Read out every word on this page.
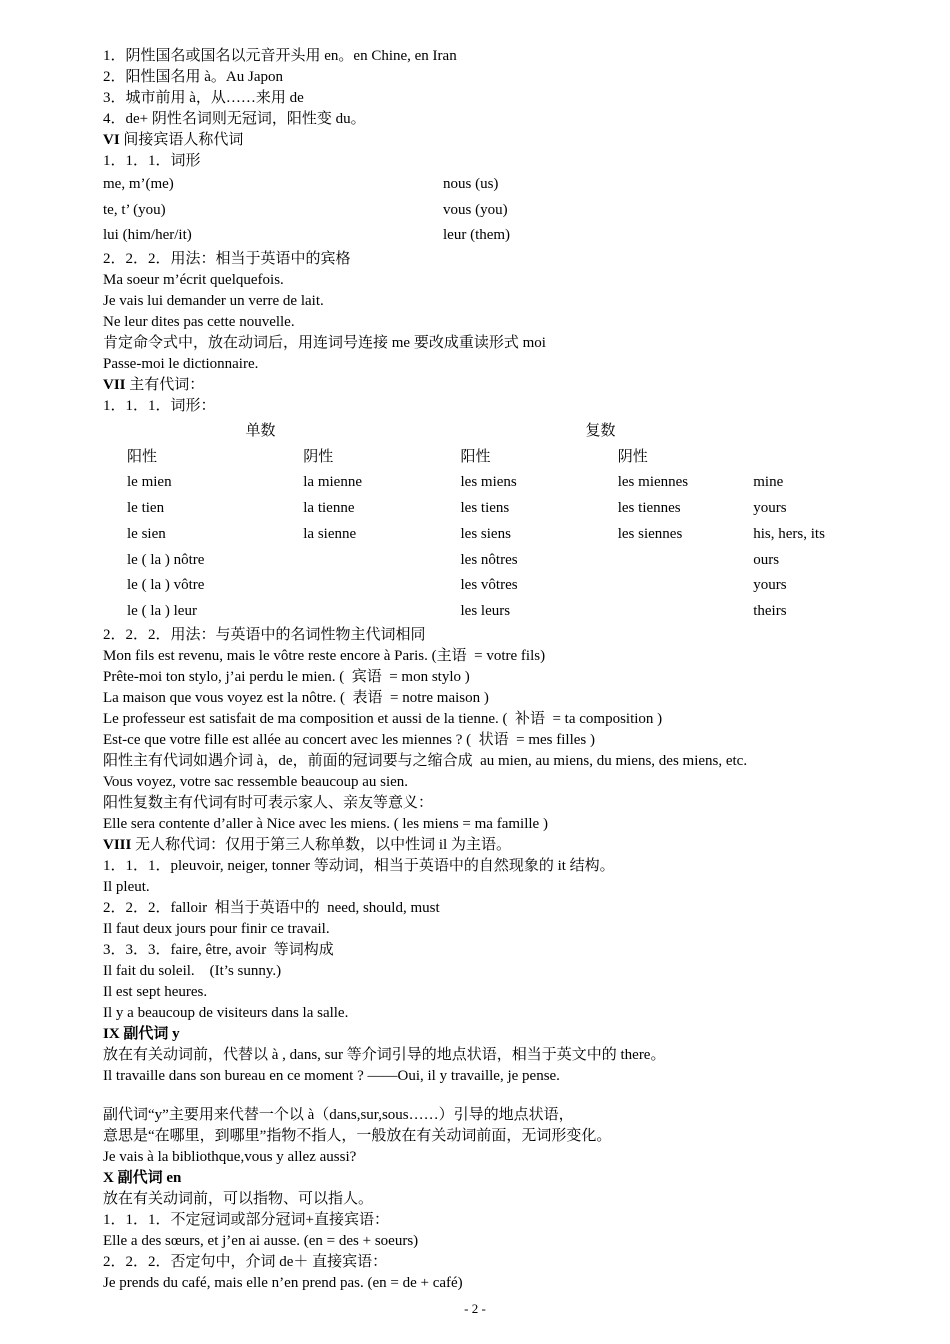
1．阴性国名或国名以元音开头用 en。en Chine, en Iran
2．阳性国名用 à。Au Japon
3．城市前用 à，从……来用 de
4．de+ 阴性名词则无冠词，阳性变 du。
VI 间接宾语人称代词
1．1．1．词形
me, m’(me)	nous (us)
te, t’ (you)	vous (you)
lui (him/her/it)	leur (them)
2．2．2．用法：相当于英语中的宾格
Ma soeur m’écrit quelquefois.
Je vais lui demander un verre de lait.
Ne leur dites pas cette nouvelle.
肯定命令式中，放在动词后，用连词号连接 me 要改成重读形式 moi
Passe-moi le dictionnaire.
VII 主有代词：
1．1．1．词形：
单数	复数
阳性	阴性	阳性	阴性	
le mien	la mienne	les miens	les miennes	mine
le tien	la tienne	les tiens	les tiennes	yours
le sien	la sienne	les siens	les siennes	his, hers, its
le ( la ) nôtre		les nôtres		ours
le ( la ) vôtre		les vôtres		yours
le ( la ) leur		les leurs		theirs
2．2．2．用法：与英语中的名词性物主代词相同
Mon fils est revenu, mais le vôtre reste encore à Paris. (主语  = votre fils)
Prête-moi ton stylo, j’ai perdu le mien. (  宾语  = mon stylo )
La maison que vous voyez est la nôtre. (  表语  = notre maison )
Le professeur est satisfait de ma composition et aussi de la tienne. (  补语  = ta composition )
Est-ce que votre fille est allée au concert avec les miennes ? (  状语  = mes filles )
阳性主有代词如遇介词 à，de，前面的冠词要与之缩合成  au mien, au miens, du miens, des miens, etc.
Vous voyez, votre sac ressemble beaucoup au sien.
阳性复数主有代词有时可表示家人、亲友等意义：
Elle sera contente d’aller à Nice avec les miens. ( les miens = ma famille )
VIII 无人称代词：仅用于第三人称单数，以中性词 il 为主语。
1．1．1．pleuvoir, neiger, tonner 等动词，相当于英语中的自然现象的 it 结构。
Il pleut.
2．2．2．falloir  相当于英语中的  need, should, must
Il faut deux jours pour finir ce travail.
3．3．3．faire, être, avoir  等词构成
Il fait du soleil.    (It’s sunny.)
Il est sept heures.
Il y a beaucoup de visiteurs dans la salle.
IX 副代词 y
放在有关动词前，代替以 à , dans, sur 等介词引导的地点状语，相当于英文中的 there。
Il travaille dans son bureau en ce moment ? ——Oui, il y travaille, je pense.
副代词“y”主要用来代替一个以 à（dans,sur,sous……）引导的地点状语，
意思是“在哪里，到哪里”指物不指人，一般放在有关动词前面，无词形变化。
Je vais à la bibliothque,vous y allez aussi?
X 副代词 en
放在有关动词前，可以指物、可以指人。
1．1．1．不定冠词或部分冠词+直接宾语：
Elle a des sœurs, et j’en ai ausse. (en = des + soeurs)
2．2．2．否定句中，介词 de＋ 直接宾语：
Je prends du café, mais elle n’en prend pas. (en = de + café)
- 2 -
